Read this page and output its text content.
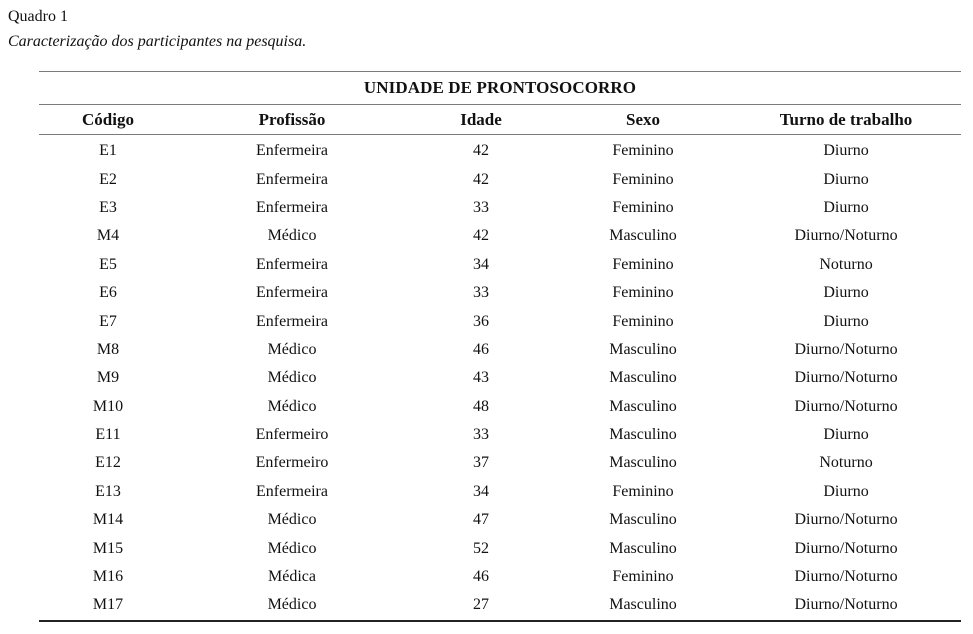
Quadro 1
Caracterização dos participantes na pesquisa.
UNIDADE DE PRONTOSOCORRO				
Código	Profissão	Idade	Sexo	Turno de trabalho
E1	Enfermeira	42	Feminino	Diurno
E2	Enfermeira	42	Feminino	Diurno
E3	Enfermeira	33	Feminino	Diurno
M4	Médico	42	Masculino	Diurno/Noturno
E5	Enfermeira	34	Feminino	Noturno
E6	Enfermeira	33	Feminino	Diurno
E7	Enfermeira	36	Feminino	Diurno
M8	Médico	46	Masculino	Diurno/Noturno
M9	Médico	43	Masculino	Diurno/Noturno
M10	Médico	48	Masculino	Diurno/Noturno
E11	Enfermeiro	33	Masculino	Diurno
E12	Enfermeiro	37	Masculino	Noturno
E13	Enfermeira	34	Feminino	Diurno
M14	Médico	47	Masculino	Diurno/Noturno
M15	Médico	52	Masculino	Diurno/Noturno
M16	Médica	46	Feminino	Diurno/Noturno
M17	Médico	27	Masculino	Diurno/Noturno
